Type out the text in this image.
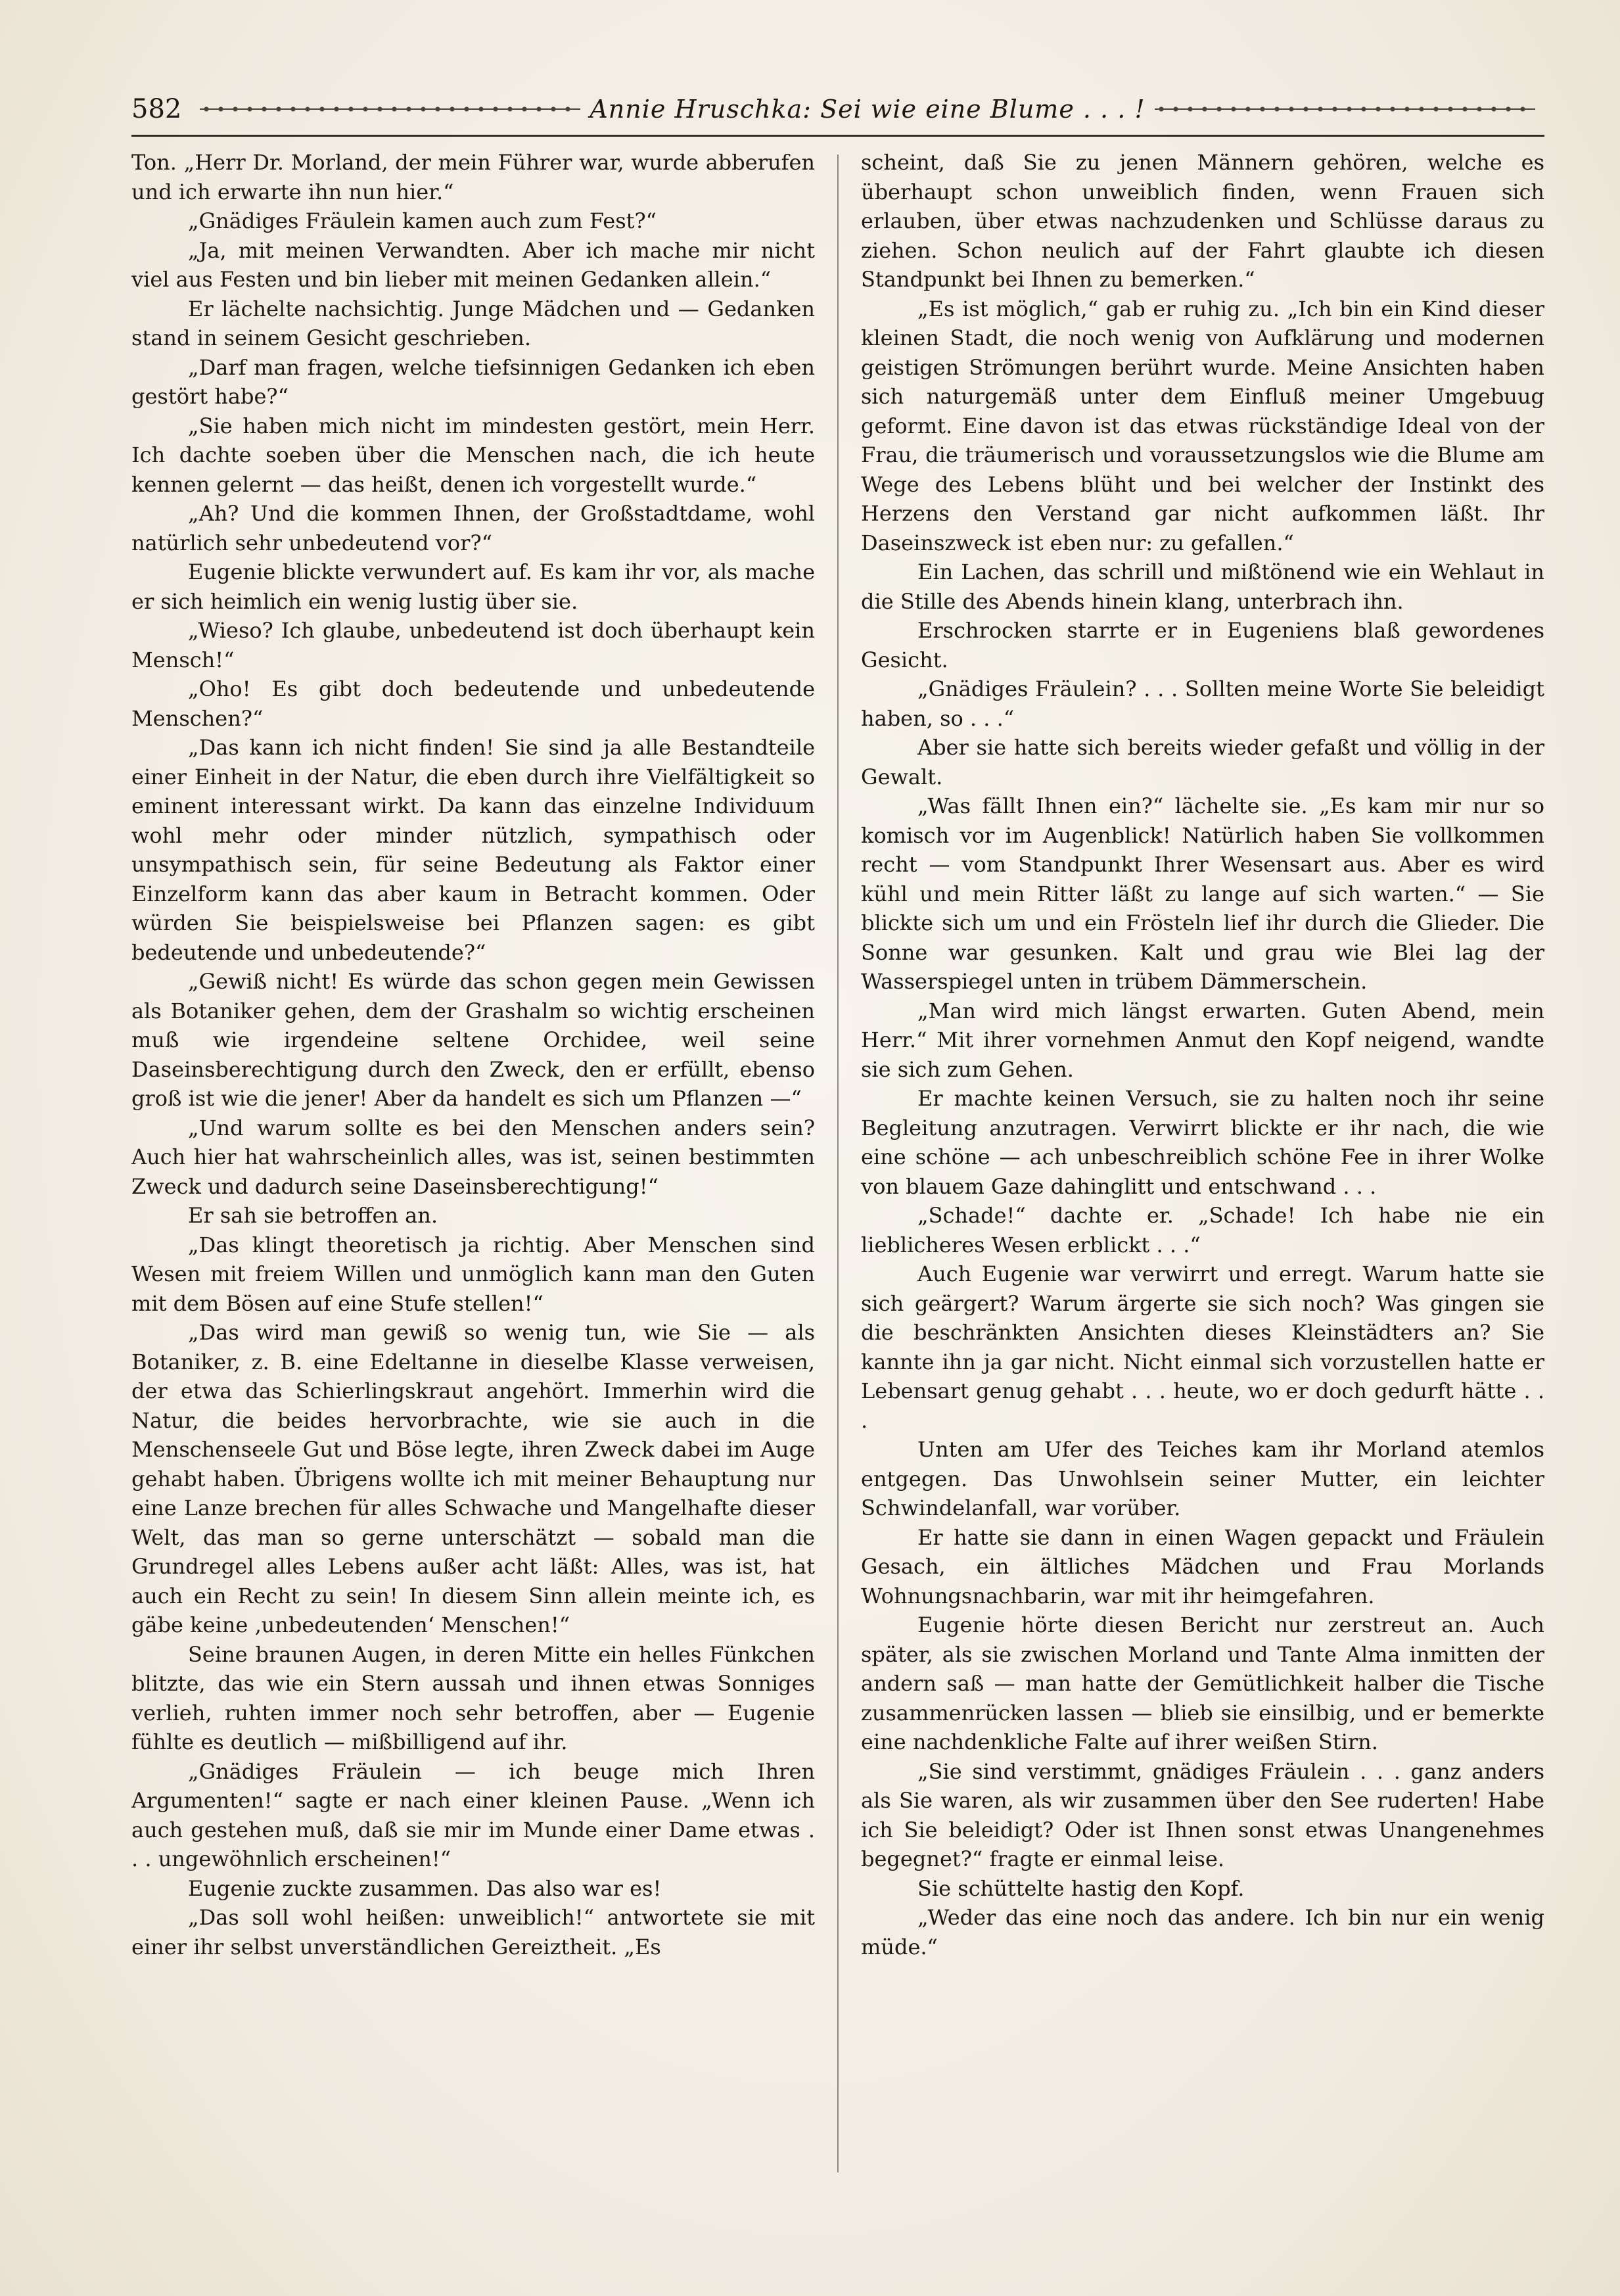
582	Annie Hruschka: Sei wie eine Blume . . . !

Ton. „Herr Dr. Morland, der mein Führer war, wurde abberufen und ich erwarte ihn nun hier.“

„Gnädiges Fräulein kamen auch zum Fest?“

„Ja, mit meinen Verwandten. Aber ich mache mir nicht viel aus Festen und bin lieber mit meinen Gedanken allein.“

Er lächelte nachsichtig. Junge Mädchen und — Gedanken stand in seinem Gesicht geschrieben.

„Darf man fragen, welche tiefsinnigen Gedanken ich eben gestört habe?“

„Sie haben mich nicht im mindesten gestört, mein Herr. Ich dachte soeben über die Menschen nach, die ich heute kennen gelernt — das heißt, denen ich vorgestellt wurde.“

„Ah? Und die kommen Ihnen, der Großstadtdame, wohl natürlich sehr unbedeutend vor?“

Eugenie blickte verwundert auf. Es kam ihr vor, als mache er sich heimlich ein wenig lustig über sie.

„Wieso? Ich glaube, unbedeutend ist doch überhaupt kein Mensch!“

„Oho! Es gibt doch bedeutende und unbedeutende Menschen?“

„Das kann ich nicht finden! Sie sind ja alle Bestandteile einer Einheit in der Natur, die eben durch ihre Vielfältigkeit so eminent interessant wirkt. Da kann das einzelne Individuum wohl mehr oder minder nützlich, sympathisch oder unsympathisch sein, für seine Bedeutung als Faktor einer Einzelform kann das aber kaum in Betracht kommen. Oder würden Sie beispielsweise bei Pflanzen sagen: es gibt bedeutende und unbedeutende?“

„Gewiß nicht! Es würde das schon gegen mein Gewissen als Botaniker gehen, dem der Grashalm so wichtig erscheinen muß wie irgendeine seltene Orchidee, weil seine Daseinsberechtigung durch den Zweck, den er erfüllt, ebenso groß ist wie die jener! Aber da handelt es sich um Pflanzen —“

„Und warum sollte es bei den Menschen anders sein? Auch hier hat wahrscheinlich alles, was ist, seinen bestimmten Zweck und dadurch seine Daseinsberechtigung!“

Er sah sie betroffen an.

„Das klingt theoretisch ja richtig. Aber Menschen sind Wesen mit freiem Willen und unmöglich kann man den Guten mit dem Bösen auf eine Stufe stellen!“

„Das wird man gewiß so wenig tun, wie Sie — als Botaniker, z. B. eine Edeltanne in dieselbe Klasse verweisen, der etwa das Schierlingskraut angehört. Immerhin wird die Natur, die beides hervorbrachte, wie sie auch in die Menschenseele Gut und Böse legte, ihren Zweck dabei im Auge gehabt haben. Übrigens wollte ich mit meiner Behauptung nur eine Lanze brechen für alles Schwache und Mangelhafte dieser Welt, das man so gerne unterschätzt — sobald man die Grundregel alles Lebens außer acht läßt: Alles, was ist, hat auch ein Recht zu sein! In diesem Sinn allein meinte ich, es gäbe keine ‚unbedeutenden‘ Menschen!“

Seine braunen Augen, in deren Mitte ein helles Fünkchen blitzte, das wie ein Stern aussah und ihnen etwas Sonniges verlieh, ruhten immer noch sehr betroffen, aber — Eugenie fühlte es deutlich — mißbilligend auf ihr.

„Gnädiges Fräulein — ich beuge mich Ihren Argumenten!“ sagte er nach einer kleinen Pause. „Wenn ich auch gestehen muß, daß sie mir im Munde einer Dame etwas . . . ungewöhnlich erscheinen!“

Eugenie zuckte zusammen. Das also war es!

„Das soll wohl heißen: unweiblich!“ antwortete sie mit einer ihr selbst unverständlichen Gereiztheit. „Es

scheint, daß Sie zu jenen Männern gehören, welche es überhaupt schon unweiblich finden, wenn Frauen sich erlauben, über etwas nachzudenken und Schlüsse daraus zu ziehen. Schon neulich auf der Fahrt glaubte ich diesen Standpunkt bei Ihnen zu bemerken.“

„Es ist möglich,“ gab er ruhig zu. „Ich bin ein Kind dieser kleinen Stadt, die noch wenig von Aufklärung und modernen geistigen Strömungen berührt wurde. Meine Ansichten haben sich naturgemäß unter dem Einfluß meiner Umgebuug geformt. Eine davon ist das etwas rückständige Ideal von der Frau, die träumerisch und voraussetzungslos wie die Blume am Wege des Lebens blüht und bei welcher der Instinkt des Herzens den Verstand gar nicht aufkommen läßt. Ihr Daseinszweck ist eben nur: zu gefallen.“

Ein Lachen, das schrill und mißtönend wie ein Wehlaut in die Stille des Abends hinein klang, unterbrach ihn.

Erschrocken starrte er in Eugeniens blaß gewordenes Gesicht.

„Gnädiges Fräulein? . . . Sollten meine Worte Sie beleidigt haben, so . . .“

Aber sie hatte sich bereits wieder gefaßt und völlig in der Gewalt.

„Was fällt Ihnen ein?“ lächelte sie. „Es kam mir nur so komisch vor im Augenblick! Natürlich haben Sie vollkommen recht — vom Standpunkt Ihrer Wesensart aus. Aber es wird kühl und mein Ritter läßt zu lange auf sich warten.“ — Sie blickte sich um und ein Frösteln lief ihr durch die Glieder. Die Sonne war gesunken. Kalt und grau wie Blei lag der Wasserspiegel unten in trübem Dämmerschein.

„Man wird mich längst erwarten. Guten Abend, mein Herr.“ Mit ihrer vornehmen Anmut den Kopf neigend, wandte sie sich zum Gehen.

Er machte keinen Versuch, sie zu halten noch ihr seine Begleitung anzutragen. Verwirrt blickte er ihr nach, die wie eine schöne — ach unbeschreiblich schöne Fee in ihrer Wolke von blauem Gaze dahinglitt und entschwand . . .

„Schade!“ dachte er. „Schade! Ich habe nie ein lieblicheres Wesen erblickt . . .“

Auch Eugenie war verwirrt und erregt. Warum hatte sie sich geärgert? Warum ärgerte sie sich noch? Was gingen sie die beschränkten Ansichten dieses Kleinstädters an? Sie kannte ihn ja gar nicht. Nicht einmal sich vorzustellen hatte er Lebensart genug gehabt . . . heute, wo er doch gedurft hätte . . .

Unten am Ufer des Teiches kam ihr Morland atemlos entgegen. Das Unwohlsein seiner Mutter, ein leichter Schwindelanfall, war vorüber.

Er hatte sie dann in einen Wagen gepackt und Fräulein Gesach, ein ältliches Mädchen und Frau Morlands Wohnungsnachbarin, war mit ihr heimgefahren.

Eugenie hörte diesen Bericht nur zerstreut an. Auch später, als sie zwischen Morland und Tante Alma inmitten der andern saß — man hatte der Gemütlichkeit halber die Tische zusammenrücken lassen — blieb sie einsilbig, und er bemerkte eine nachdenkliche Falte auf ihrer weißen Stirn.

„Sie sind verstimmt, gnädiges Fräulein . . . ganz anders als Sie waren, als wir zusammen über den See ruderten! Habe ich Sie beleidigt? Oder ist Ihnen sonst etwas Unangenehmes begegnet?“ fragte er einmal leise.

Sie schüttelte hastig den Kopf.

„Weder das eine noch das andere. Ich bin nur ein wenig müde.“
